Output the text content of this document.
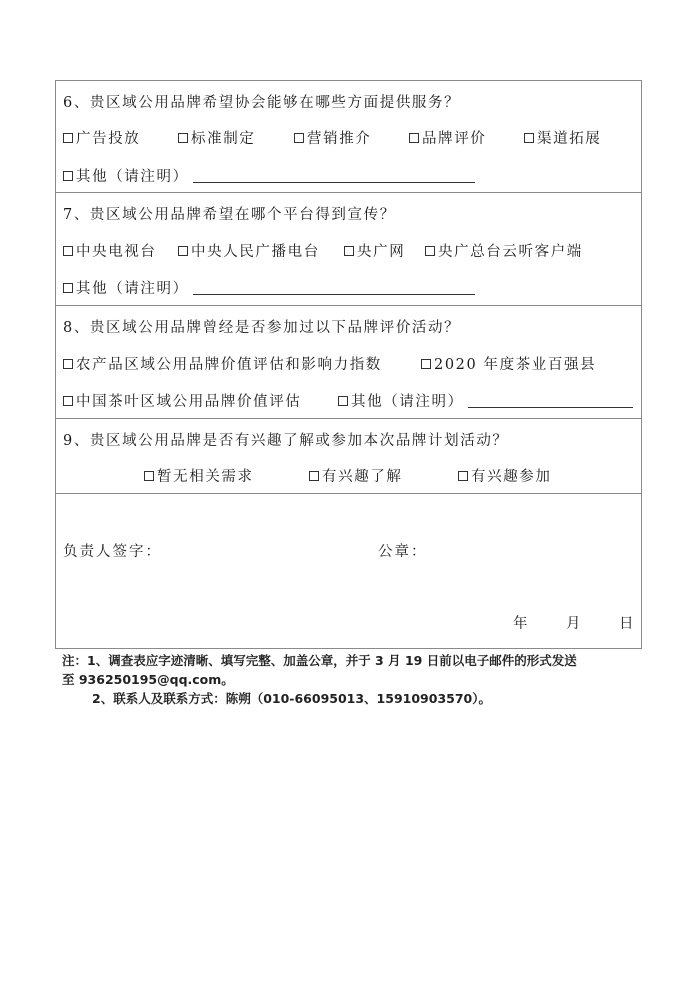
6、贵区域公用品牌希望协会能够在哪些方面提供服务？
广告投放	标准制定	营销推介	品牌评价	渠道拓展
其他（请注明）
7、贵区域公用品牌希望在哪个平台得到宣传？
中央电视台 中央人民广播电台	央广网 央广总台云听客户端
其他（请注明）
8、贵区域公用品牌曾经是否参加过以下品牌评价活动？
农产品区域公用品牌价值评估和影响力指数	2020 年度茶业百强县
中国茶叶区域公用品牌价值评估	其他（请注明）
9、贵区域公用品牌是否有兴趣了解或参加本次品牌计划活动？
暂无相关需求	有兴趣了解	有兴趣参加
负责人签字：	公章：
年	月	日
注：1、调查表应字迹清晰、填写完整、加盖公章，并于 3 月 19 日前以电子邮件的形式发送
至 936250195@qq.com。
2、联系人及联系方式：陈朔（010-66095013、15910903570）。
